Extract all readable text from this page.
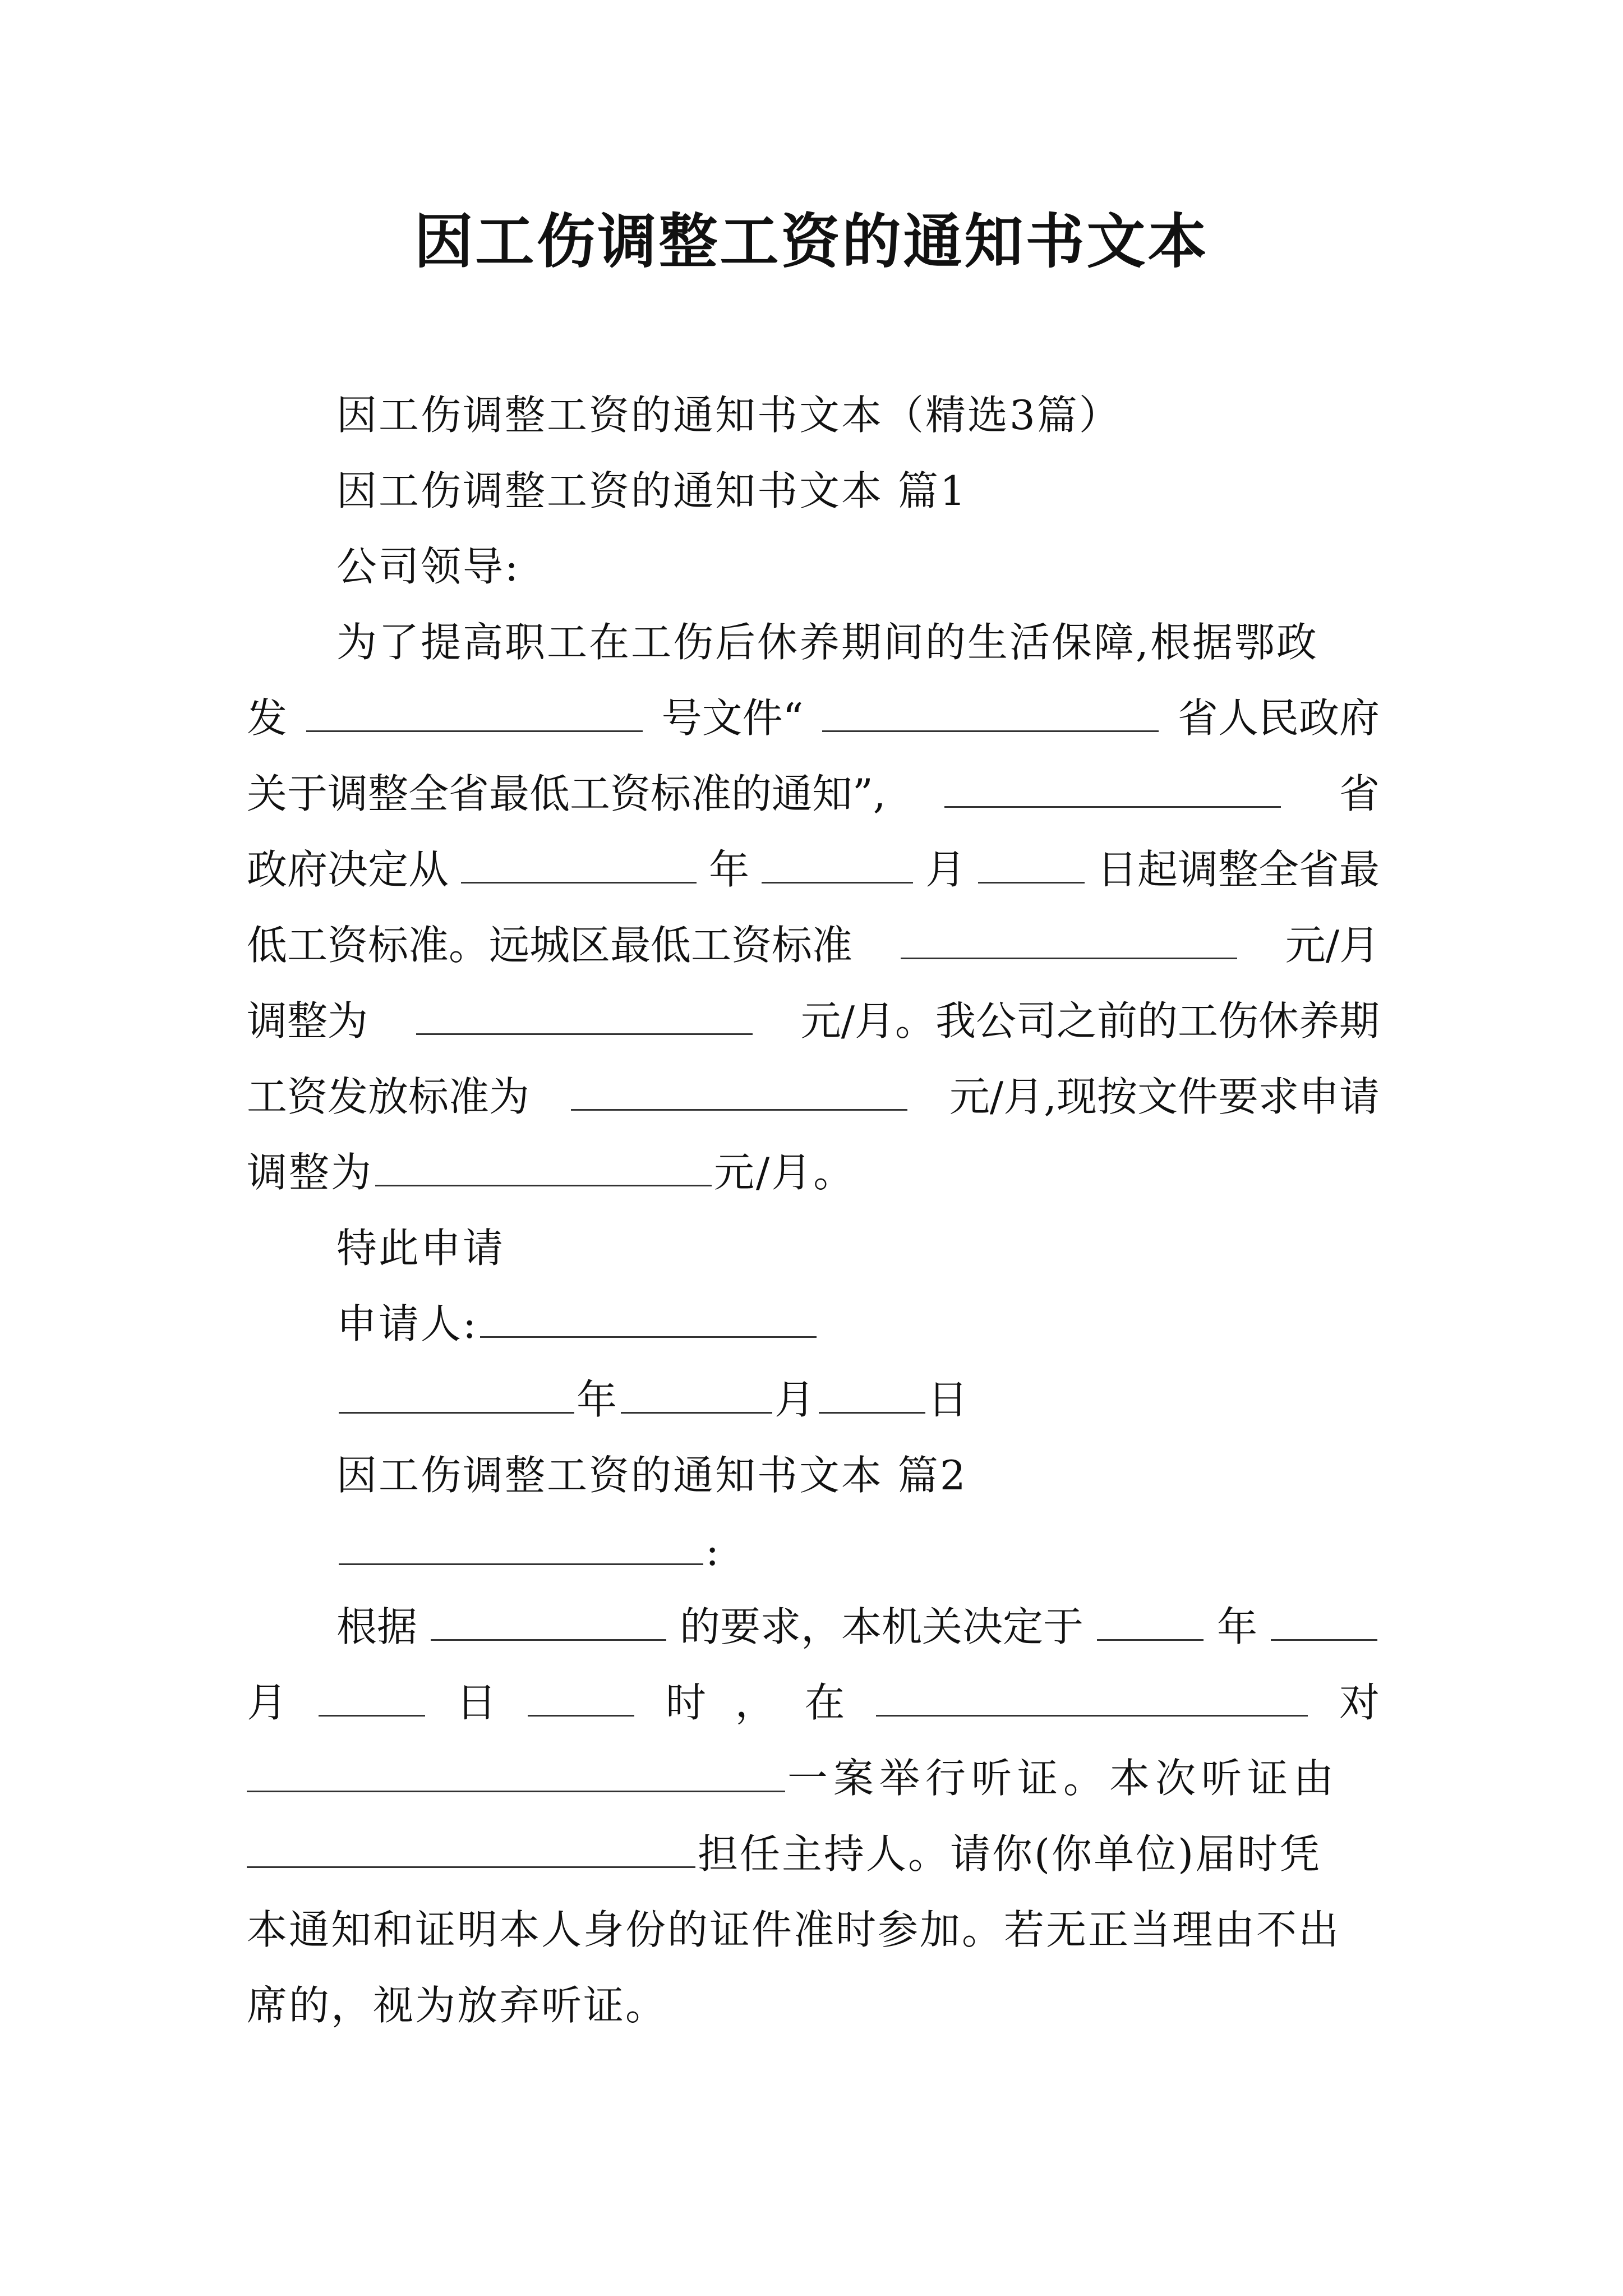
因工伤调整工资的通知书文本
因工伤调整工资的通知书文本（精选3篇）
因工伤调整工资的通知书文本 篇1
公司领导:
为了提高职工在工伤后休养期间的生活保障,根据鄂政
发	号文件“	省人民政府
关于调整全省最低工资标准的通知”,	省
政府决定从	年	月	日起调整全省最
低工资标准。远城区最低工资标准	元/月
调整为	元/月。我公司之前的工伤休养期
工资发放标准为	元/月,现按文件要求申请
调整为	元/月。
特此申请
申请人:
年	月	日
因工伤调整工资的通知书文本 篇2
:
根据	的要求，本机关决定于	年
月	日	时 ， 在	对
一案举行听证。本次听证由
担任主持人。请你(你单位)届时凭
本通知和证明本人身份的证件准时参加。若无正当理由不出
席的，视为放弃听证。
